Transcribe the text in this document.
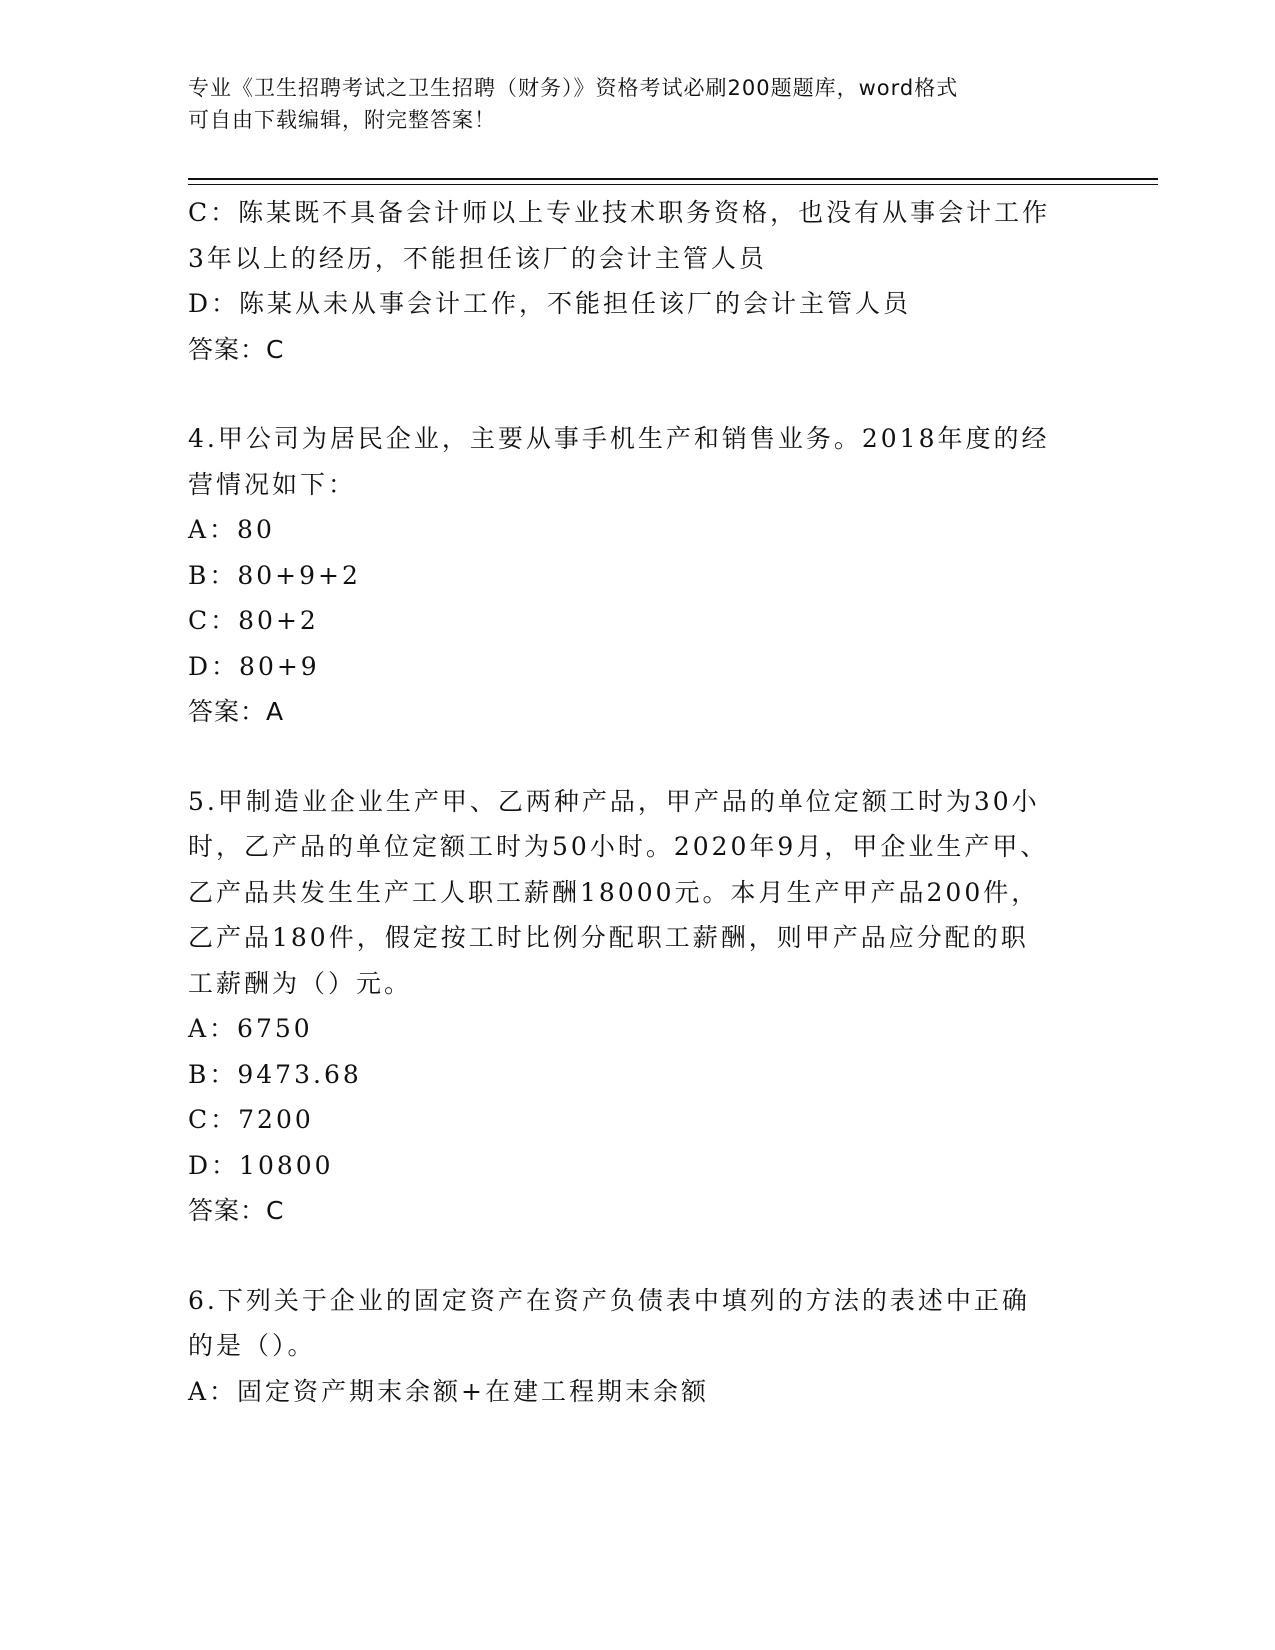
专业《卫生招聘考试之卫生招聘（财务）》资格考试必刷200题题库，word格式
可自由下载编辑，附完整答案！
C：陈某既不具备会计师以上专业技术职务资格，也没有从事会计工作
3年以上的经历，不能担任该厂的会计主管人员
D：陈某从未从事会计工作，不能担任该厂的会计主管人员
答案：C
4.甲公司为居民企业，主要从事手机生产和销售业务。2018年度的经
营情况如下：
A：80
B：80+9+2
C：80+2
D：80+9
答案：A
5.甲制造业企业生产甲、乙两种产品，甲产品的单位定额工时为30小
时，乙产品的单位定额工时为50小时。2020年9月，甲企业生产甲、
乙产品共发生生产工人职工薪酬18000元。本月生产甲产品200件，
乙产品180件，假定按工时比例分配职工薪酬，则甲产品应分配的职
工薪酬为（）元。
A：6750
B：9473.68
C：7200
D：10800
答案：C
6.下列关于企业的固定资产在资产负债表中填列的方法的表述中正确
的是（）。
A：固定资产期末余额+在建工程期末余额
